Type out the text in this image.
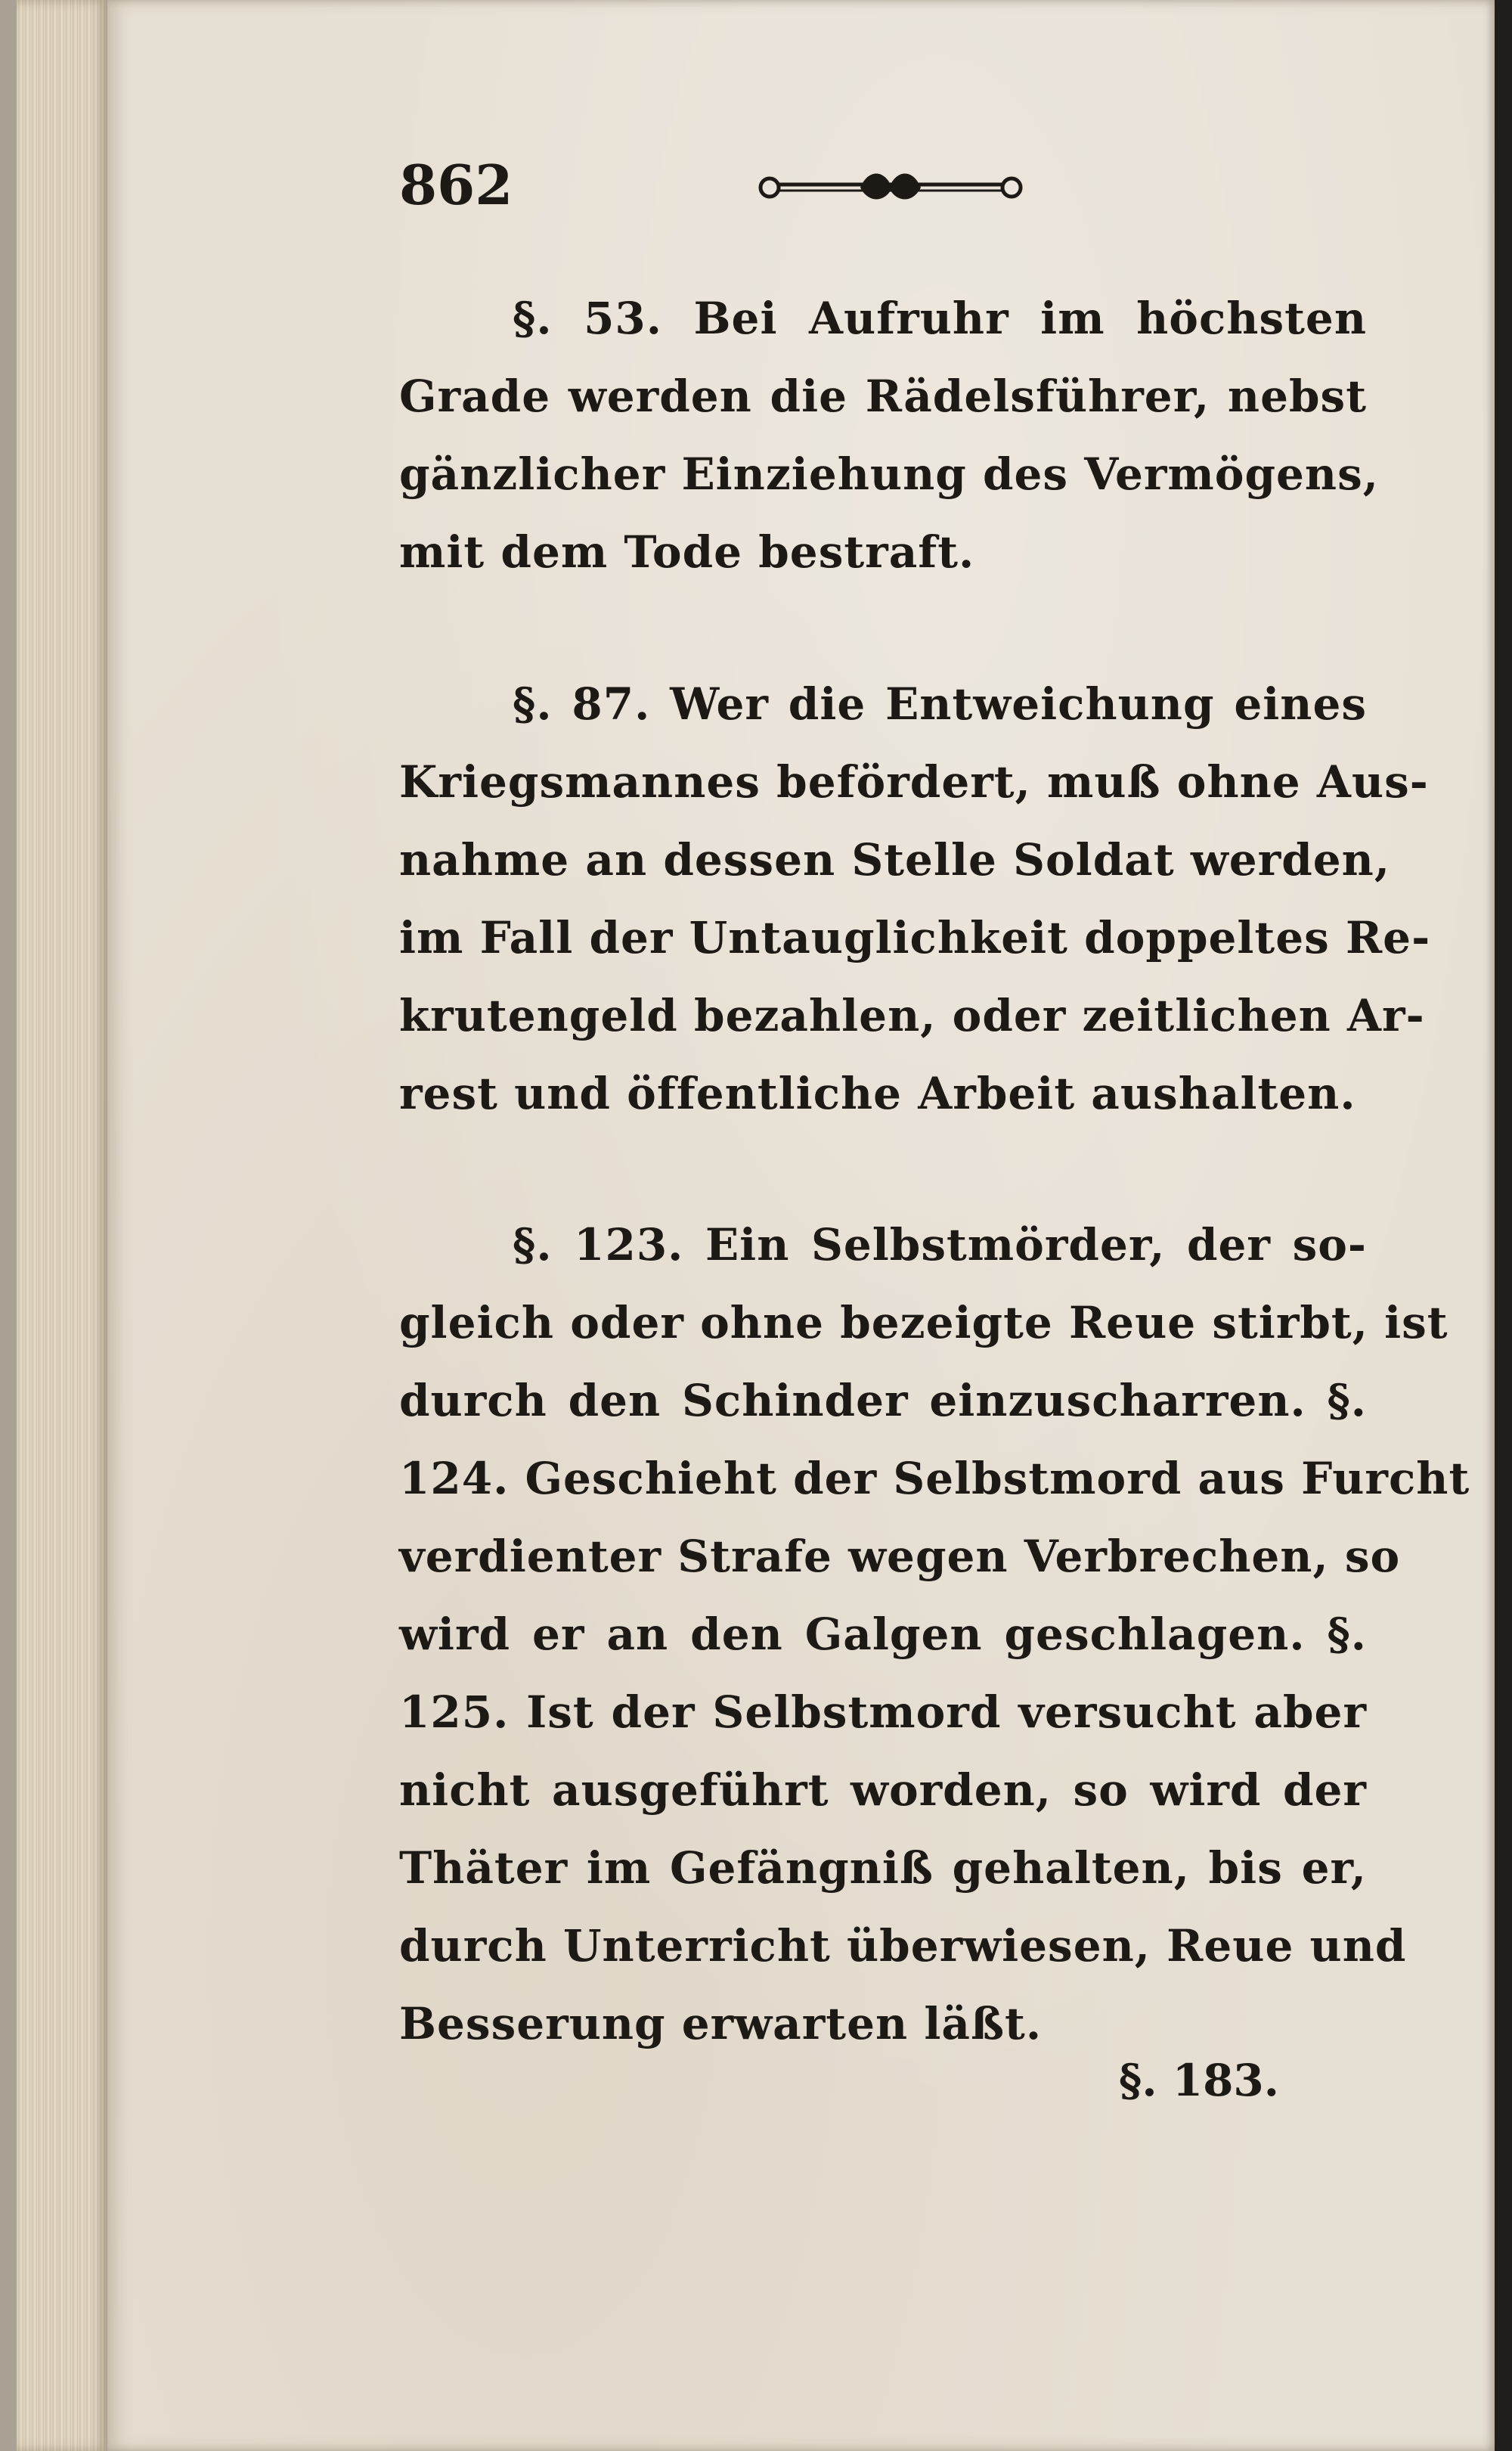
862
§. 53. Bei Aufruhr im höchsten
Grade werden die Rädelsführer, nebst
gänzlicher Einziehung des Vermögens,
mit dem Tode bestraft.
§. 87. Wer die Entweichung eines
Kriegsmannes befördert, muß ohne Aus-
nahme an dessen Stelle Soldat werden,
im Fall der Untauglichkeit doppeltes Re-
krutengeld bezahlen, oder zeitlichen Ar-
rest und öffentliche Arbeit aushalten.
§. 123. Ein Selbstmörder, der so-
gleich oder ohne bezeigte Reue stirbt, ist
durch den Schinder einzuscharren. §.
124. Geschieht der Selbstmord aus Furcht
verdienter Strafe wegen Verbrechen, so
wird er an den Galgen geschlagen. §.
125. Ist der Selbstmord versucht aber
nicht ausgeführt worden, so wird der
Thäter im Gefängniß gehalten, bis er,
durch Unterricht überwiesen, Reue und
Besserung erwarten läßt.
§. 183.
